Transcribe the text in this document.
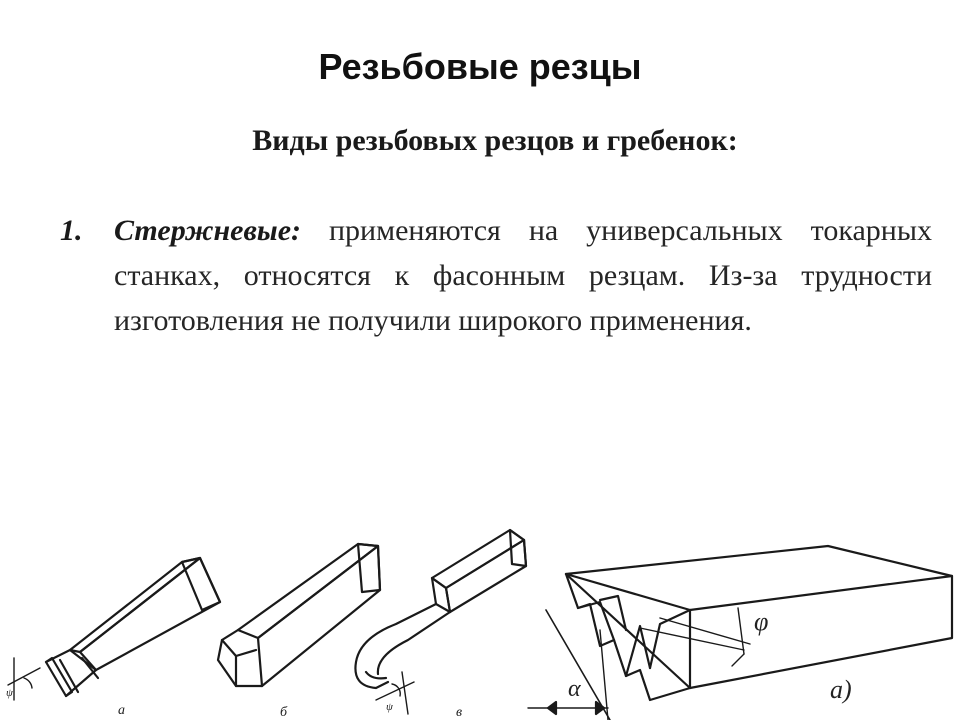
Резьбовые резцы
Виды резьбовых резцов и гребенок:
1. Стержневые: применяются на универсальных токарных станках, относятся к фасонным резцам. Из-за трудности изготовления не получили широкого применения.
а	б	в
ψ
ψ
φ
α	а)
